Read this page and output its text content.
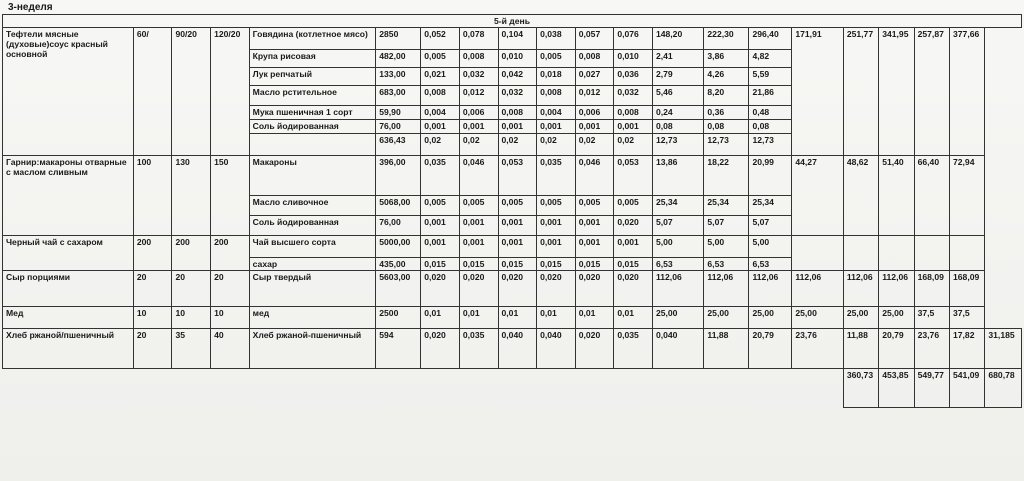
3-неделя
5-й день																				
Тефтели мясные (духовые)соус красный основной	60/	90/20	120/20	Говядина (котлетное мясо)	2850	0,052	0,078	0,104	0,038	0,057	0,076	148,20	222,30	296,40	171,91	251,77	341,95	257,87	377,66	
				Крупа рисовая	482,00	0,005	0,008	0,010	0,005	0,008	0,010	2,41	3,86	4,82						
				Лук репчатый	133,00	0,021	0,032	0,042	0,018	0,027	0,036	2,79	4,26	5,59						
				Масло рстительное	683,00	0,008	0,012	0,032	0,008	0,012	0,032	5,46	8,20	21,86						
				Мука пшеничная 1 сорт	59,90	0,004	0,006	0,008	0,004	0,006	0,008	0,24	0,36	0,48						
				Соль йодированная	76,00	0,001	0,001	0,001	0,001	0,001	0,001	0,08	0,08	0,08						
					636,43	0,02	0,02	0,02	0,02	0,02	0,02	12,73	12,73	12,73						
Гарнир:макароны отварные с маслом сливным	100	130	150	Макароны	396,00	0,035	0,046	0,053	0,035	0,046	0,053	13,86	18,22	20,99	44,27	48,62	51,40	66,40	72,94	
				Масло сливочное	5068,00	0,005	0,005	0,005	0,005	0,005	0,005	25,34	25,34	25,34						
				Соль йодированная	76,00	0,001	0,001	0,001	0,001	0,001	0,020	5,07	5,07	5,07						
Черный чай с сахаром	200	200	200	Чай высшего сорта	5000,00	0,001	0,001	0,001	0,001	0,001	0,001	5,00	5,00	5,00						
				сахар	435,00	0,015	0,015	0,015	0,015	0,015	0,015	6,53	6,53	6,53						
Сыр порциями	20	20	20	Сыр твердый	5603,00	0,020	0,020	0,020	0,020	0,020	0,020	112,06	112,06	112,06	112,06	112,06	112,06	168,09	168,09	
Мед	10	10	10	мед	2500	0,01	0,01	0,01	0,01	0,01	0,01	25,00	25,00	25,00	25,00	25,00	25,00	37,5	37,5	
Хлеб ржаной/пшеничный	20	35	40	Хлеб ржаной-пшеничный	594	0,020	0,035	0,040	0,040	0,020	0,035	0,040	11,88	20,79	23,76	11,88	20,79	23,76	17,82	31,185
																360,73	453,85	549,77	541,09	680,78
